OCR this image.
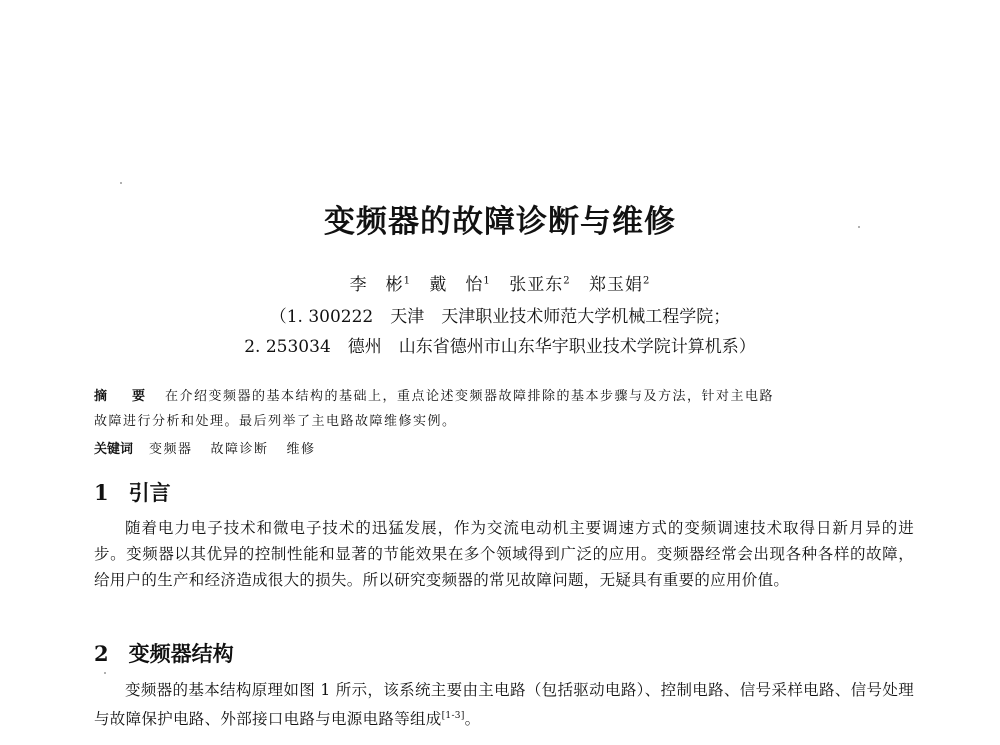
变频器的故障诊断与维修
李　彬$^1$ 戴　怡$^1$ 张亚东$^2$ 郑玉娟$^2$
（1. 300222　天津　天津职业技术师范大学机械工程学院；
2. 253034　德州　山东省德州市山东华宇职业技术学院计算机系）
摘　要 在介绍变频器的基本结构的基础上，重点论述变频器故障排除的基本步骤与及方法，针对主电路
故障进行分析和处理。最后列举了主电路故障维修实例。
关键词 变频器 故障诊断 维修
1 引言
随着电力电子技术和微电子技术的迅猛发展，作为交流电动机主要调速方式的变频调速技术取得日新月异的进步。变频器以其优异的控制性能和显著的节能效果在多个领域得到广泛的应用。变频器经常会出现各种各样的故障，给用户的生产和经济造成很大的损失。所以研究变频器的常见故障问题，无疑具有重要的应用价值。
2 变频器结构
变频器的基本结构原理如图 1 所示，该系统主要由主电路（包括驱动电路）、控制电路、信号采样电路、信号处理与故障保护电路、外部接口电路与电源电路等组成[1-3]。
